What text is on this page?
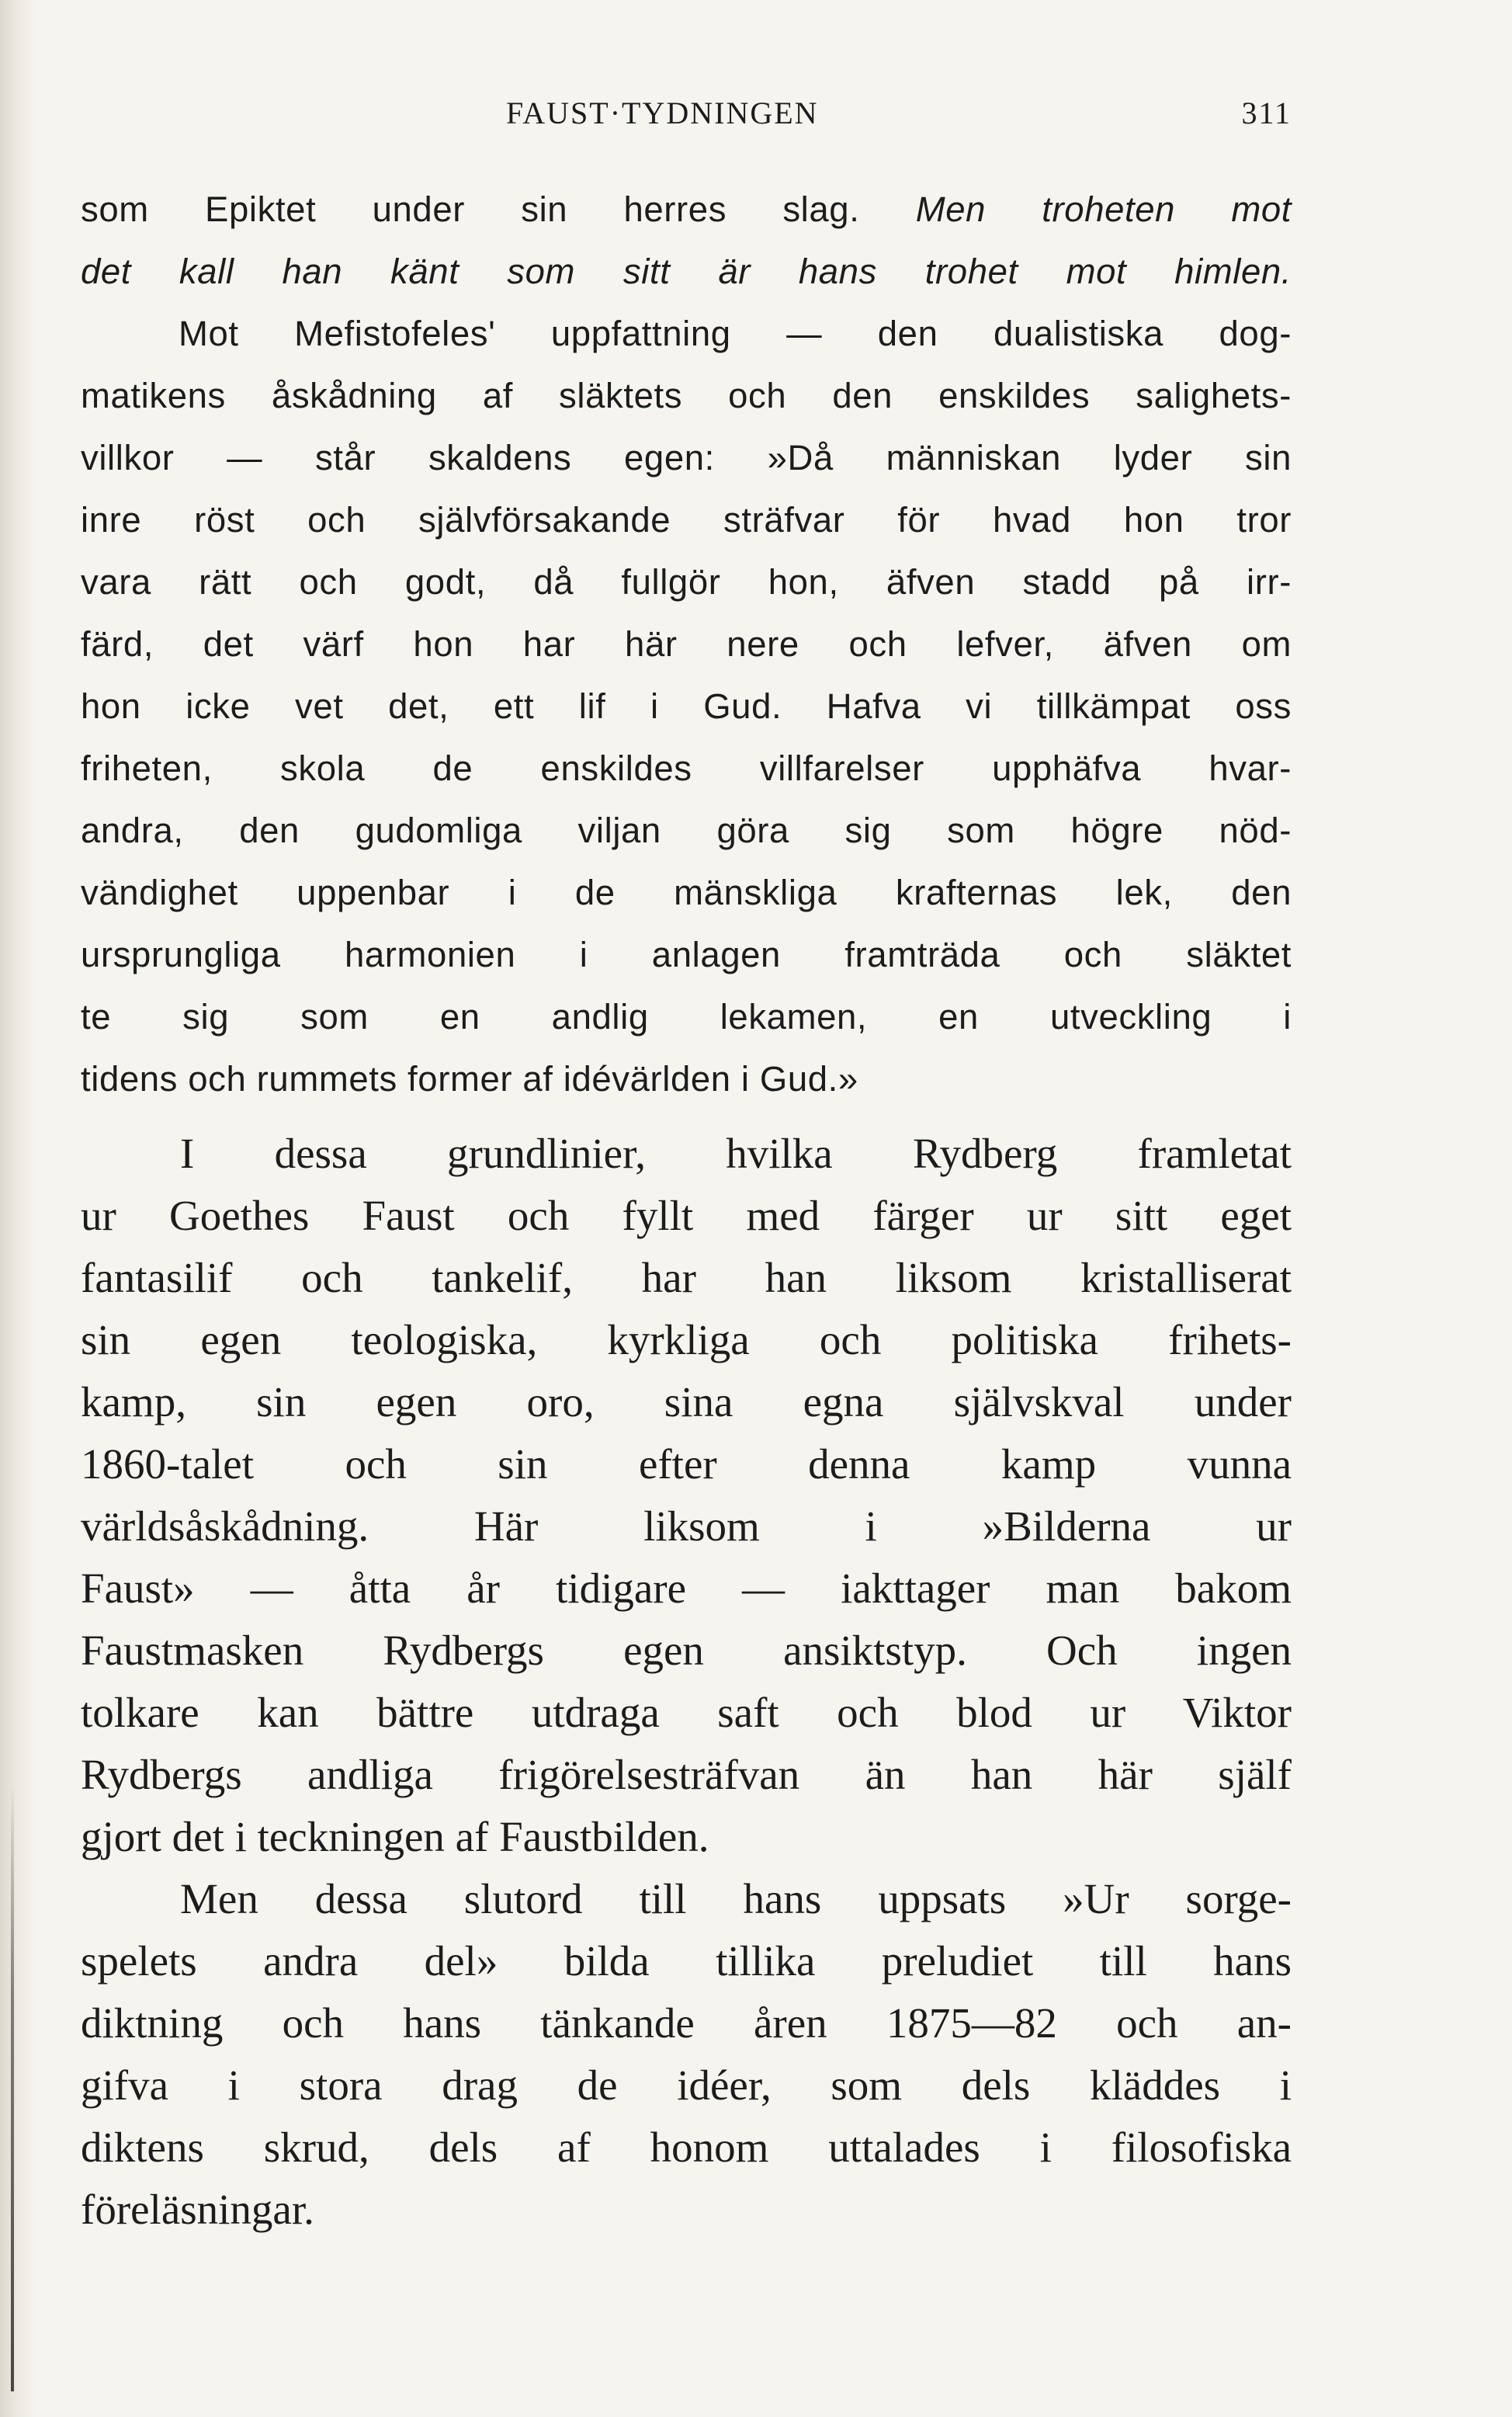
FAUST·TYDNINGEN	311
som Epiktet under sin herres slag. Men troheten mot
det kall han känt som sitt är hans trohet mot himlen.
Mot Mefistofeles' uppfattning — den dualistiska dog-
matikens åskådning af släktets och den enskildes salighets-
villkor — står skaldens egen: »Då människan lyder sin
inre röst och självförsakande sträfvar för hvad hon tror
vara rätt och godt, då fullgör hon, äfven stadd på irr-
färd, det värf hon har här nere och lefver, äfven om
hon icke vet det, ett lif i Gud. Hafva vi tillkämpat oss
friheten, skola de enskildes villfarelser upphäfva hvar-
andra, den gudomliga viljan göra sig som högre nöd-
vändighet uppenbar i de mänskliga krafternas lek, den
ursprungliga harmonien i anlagen framträda och släktet
te sig som en andlig lekamen, en utveckling i
tidens och rummets former af idévärlden i Gud.»
I dessa grundlinier, hvilka Rydberg framletat
ur Goethes Faust och fyllt med färger ur sitt eget
fantasilif och tankelif, har han liksom kristalliserat
sin egen teologiska, kyrkliga och politiska frihets-
kamp, sin egen oro, sina egna självskval under
1860-talet och sin efter denna kamp vunna
världsåskådning. Här liksom i »Bilderna ur
Faust» — åtta år tidigare — iakttager man bakom
Faustmasken Rydbergs egen ansiktstyp. Och ingen
tolkare kan bättre utdraga saft och blod ur Viktor
Rydbergs andliga frigörelsesträfvan än han här själf
gjort det i teckningen af Faustbilden.
Men dessa slutord till hans uppsats »Ur sorge-
spelets andra del» bilda tillika preludiet till hans
diktning och hans tänkande åren 1875—82 och an-
gifva i stora drag de idéer, som dels kläddes i
diktens skrud, dels af honom uttalades i filosofiska
föreläsningar.
